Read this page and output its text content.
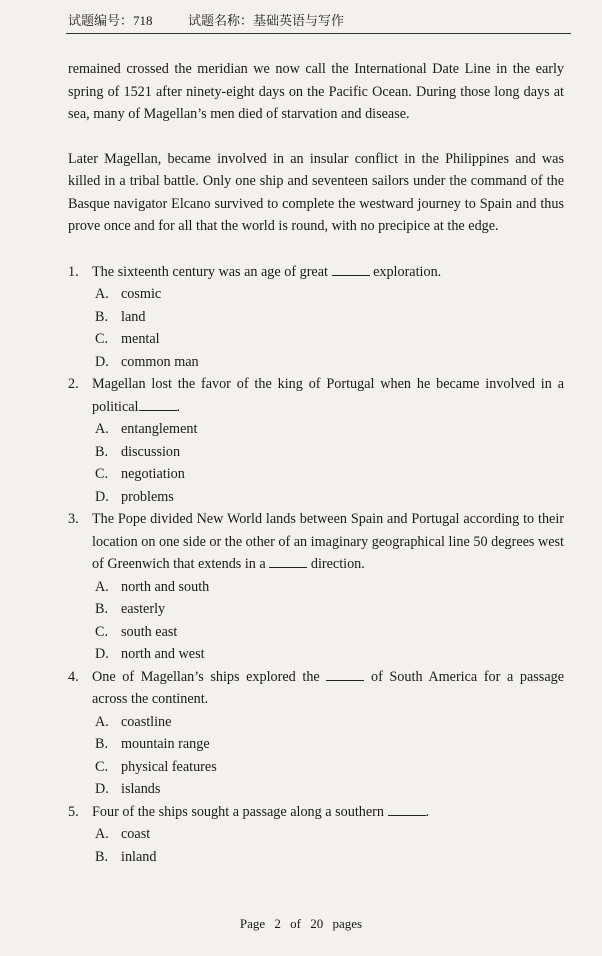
试题编号：718	试题名称：基础英语与写作

remained crossed the meridian we now call the International Date Line in the early spring of 1521 after ninety-eight days on the Pacific Ocean. During those long days at sea, many of Magellan’s men died of starvation and disease.

Later Magellan, became involved in an insular conflict in the Philippines and was killed in a tribal battle. Only one ship and seventeen sailors under the command of the Basque navigator Elcano survived to complete the westward journey to Spain and thus prove once and for all that the world is round, with no precipice at the edge.

1. The sixteenth century was an age of great	exploration.
A. cosmic
B. land
C. mental
D. common man
2. Magellan lost the favor of the king of Portugal when he became involved in a political	.
A. entanglement
B. discussion
C. negotiation
D. problems
3. The Pope divided New World lands between Spain and Portugal according to their location on one side or the other of an imaginary geographical line 50 degrees west of Greenwich that extends in a	direction.
A. north and south
B. easterly
C. south east
D. north and west
4. One of Magellan’s ships explored the	of South America for a passage across the continent.
A. coastline
B. mountain range
C. physical features
D. islands
5. Four of the ships sought a passage along a southern	.
A. coast
B. inland
Page 2 of 20 pages
